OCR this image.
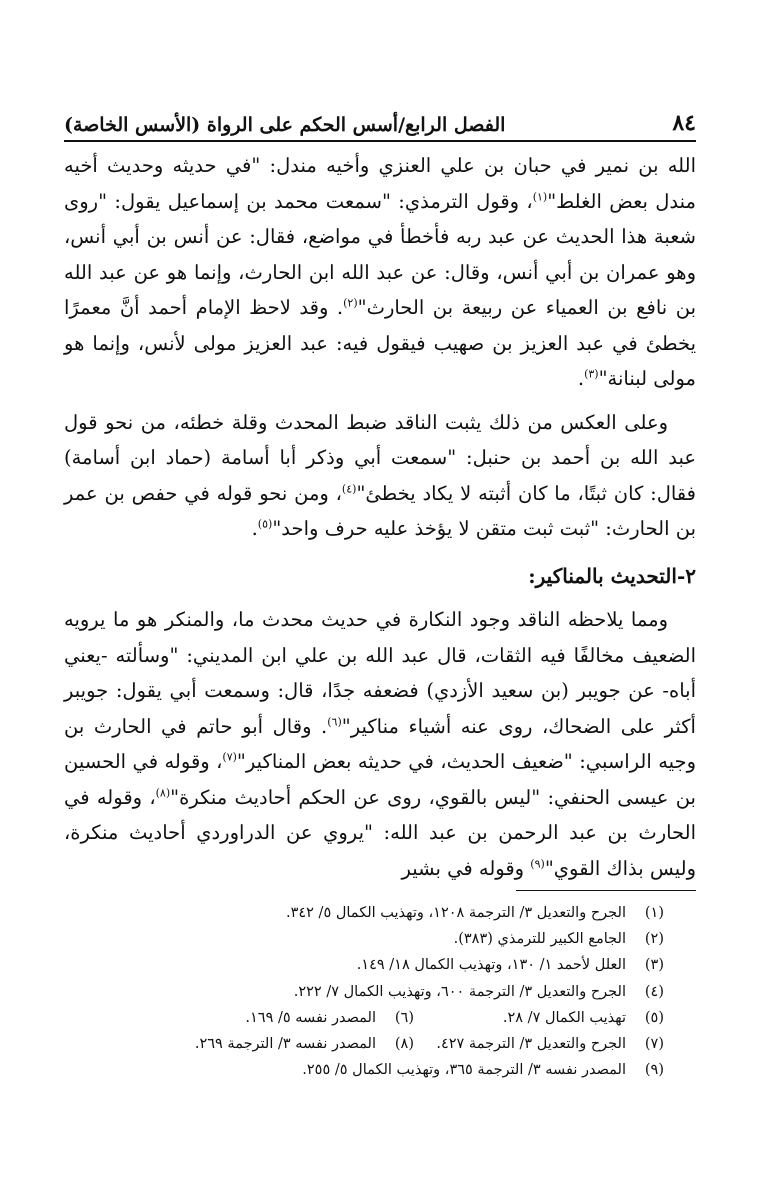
٨٤
الفصل الرابع/أسس الحكم على الرواة (الأسس الخاصة)

الله بن نمير في حبان بن علي العنزي وأخيه مندل: "في حديثه وحديث أخيه مندل بعض الغلط"$^{(١)}$، وقول الترمذي: "سمعت محمد بن إسماعيل يقول: "روى شعبة هذا الحديث عن عبد ربه فأخطأ في مواضع، فقال: عن أنس بن أبي أنس، وهو عمران بن أبي أنس، وقال: عن عبد الله ابن الحارث، وإنما هو عن عبد الله بن نافع بن العمياء عن ربيعة بن الحارث"$^{(٢)}$. وقد لاحظ الإمام أحمد أنَّ معمرًا يخطئ في عبد العزيز بن صهيب فيقول فيه: عبد العزيز مولى لأنس، وإنما هو مولى لبنانة"$^{(٣)}$.

وعلى العكس من ذلك يثبت الناقد ضبط المحدث وقلة خطئه، من نحو قول عبد الله بن أحمد بن حنبل: "سمعت أبي وذكر أبا أسامة (حماد ابن أسامة) فقال: كان ثبتًا، ما كان أثبته لا يكاد يخطئ"$^{(٤)}$، ومن نحو قوله في حفص بن عمر بن الحارث: "ثبت ثبت متقن لا يؤخذ عليه حرف واحد"$^{(٥)}$.

٢-التحديث بالمناكير:

ومما يلاحظه الناقد وجود النكارة في حديث محدث ما، والمنكر هو ما يرويه الضعيف مخالفًا فيه الثقات، قال عبد الله بن علي ابن المديني: "وسألته -يعني أباه- عن جويبر (بن سعيد الأزدي) فضعفه جدًا، قال: وسمعت أبي يقول: جويبر أكثر على الضحاك، روى عنه أشياء مناكير"$^{(٦)}$. وقال أبو حاتم في الحارث بن وجيه الراسبي: "ضعيف الحديث، في حديثه بعض المناكير"$^{(٧)}$، وقوله في الحسين بن عيسى الحنفي: "ليس بالقوي، روى عن الحكم أحاديث منكرة"$^{(٨)}$، وقوله في الحارث بن عبد الرحمن بن عبد الله: "يروي عن الدراوردي أحاديث منكرة، وليس بذاك القوي"$^{(٩)}$ وقوله في بشير

(١)
الجرح والتعديل ٣/ الترجمة ١٢٠٨، وتهذيب الكمال ٥/ ٣٤٢.
(٢)
الجامع الكبير للترمذي (٣٨٣).
(٣)
العلل لأحمد ١/ ١٣٠، وتهذيب الكمال ١٨/ ١٤٩.
(٤)
الجرح والتعديل ٣/ الترجمة ٦٠٠، وتهذيب الكمال ٧/ ٢٢٢.
(٥)
تهذيب الكمال ٧/ ٢٨.
(٦)
المصدر نفسه ٥/ ١٦٩.
(٧)
الجرح والتعديل ٣/ الترجمة ٤٢٧.
(٨)
المصدر نفسه ٣/ الترجمة ٢٦٩.
(٩)
المصدر نفسه ٣/ الترجمة ٣٦٥، وتهذيب الكمال ٥/ ٢٥٥.
